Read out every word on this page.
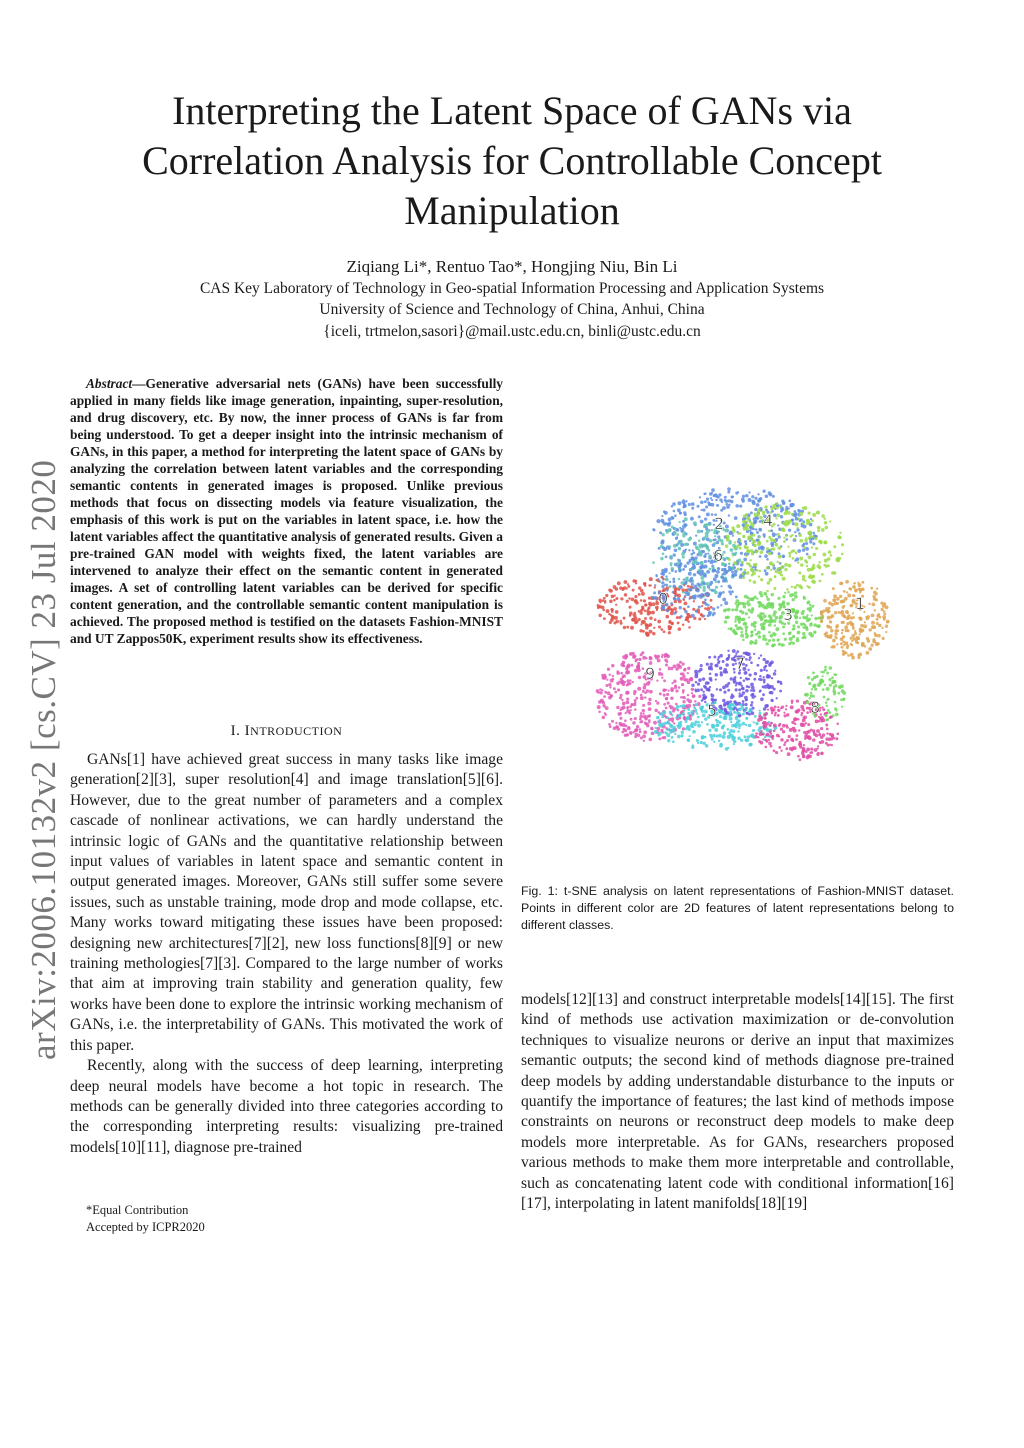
Interpreting the Latent Space of GANs via Correlation Analysis for Controllable Concept Manipulation
Ziqiang Li*, Rentuo Tao*, Hongjing Niu, Bin Li
CAS Key Laboratory of Technology in Geo-spatial Information Processing and Application Systems
University of Science and Technology of China, Anhui, China
{iceli, trtmelon,sasori}@mail.ustc.edu.cn, binli@ustc.edu.cn
arXiv:2006.10132v2 [cs.CV] 23 Jul 2020

Abstract—Generative adversarial nets (GANs) have been successfully applied in many fields like image generation, inpainting, super-resolution, and drug discovery, etc. By now, the inner process of GANs is far from being understood. To get a deeper insight into the intrinsic mechanism of GANs, in this paper, a method for interpreting the latent space of GANs by analyzing the correlation between latent variables and the corresponding semantic contents in generated images is proposed. Unlike previous methods that focus on dissecting models via feature visualization, the emphasis of this work is put on the variables in latent space, i.e. how the latent variables affect the quantitative analysis of generated results. Given a pre-trained GAN model with weights fixed, the latent variables are intervened to analyze their effect on the semantic content in generated images. A set of controlling latent variables can be derived for specific content generation, and the controllable semantic content manipulation is achieved. The proposed method is testified on the datasets Fashion-MNIST and UT Zappos50K, experiment results show its effectiveness.

I. INTRODUCTION

GANs[1] have achieved great success in many tasks like image generation[2][3], super resolution[4] and image translation[5][6]. However, due to the great number of parameters and a complex cascade of nonlinear activations, we can hardly understand the intrinsic logic of GANs and the quantitative relationship between input values of variables in latent space and semantic content in output generated images. Moreover, GANs still suffer some severe issues, such as unstable training, mode drop and mode collapse, etc. Many works toward mitigating these issues have been proposed: designing new architectures[7][2], new loss functions[8][9] or new training methologies[7][3]. Compared to the large number of works that aim at improving train stability and generation quality, few works have been done to explore the intrinsic working mechanism of GANs, i.e. the interpretability of GANs. This motivated the work of this paper.

Recently, along with the success of deep learning, interpreting deep neural models have become a hot topic in research. The methods can be generally divided into three categories according to the corresponding interpreting results: visualizing pre-trained models[10][11], diagnose pre-trained

*Equal Contribution
Accepted by ICPR2020
0	1
2
3
4
5
6
7
8
9
Fig. 1: t-SNE analysis on latent representations of Fashion-MNIST dataset. Points in different color are 2D features of latent representations belong to different classes.

models[12][13] and construct interpretable models[14][15]. The first kind of methods use activation maximization or de-convolution techniques to visualize neurons or derive an input that maximizes semantic outputs; the second kind of methods diagnose pre-trained deep models by adding understandable disturbance to the inputs or quantify the importance of features; the last kind of methods impose constraints on neurons or reconstruct deep models to make deep models more interpretable. As for GANs, researchers proposed various methods to make them more interpretable and controllable, such as concatenating latent code with conditional information[16][17], interpolating in latent manifolds[18][19]
